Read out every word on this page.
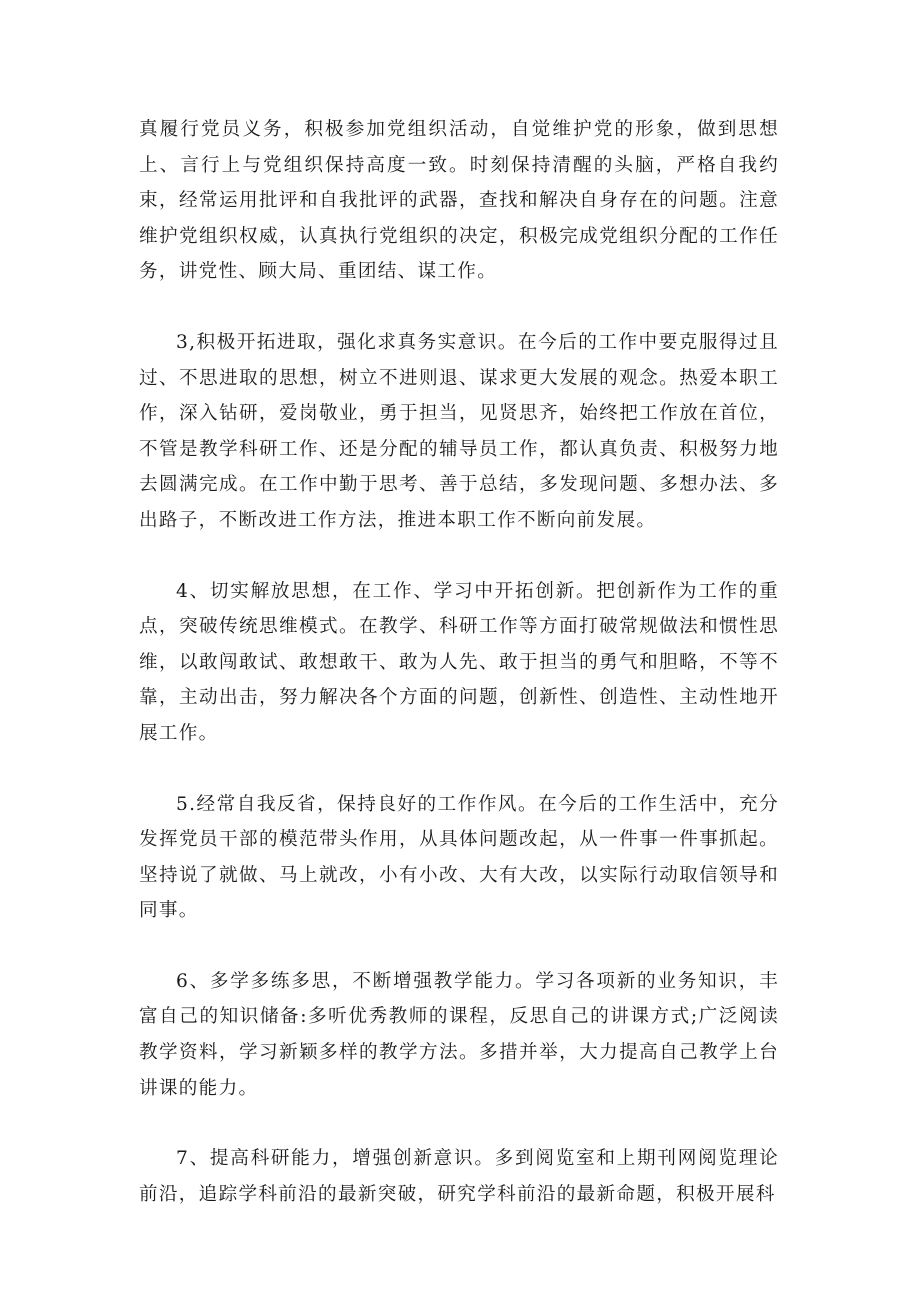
真履行党员义务，积极参加党组织活动，自觉维护党的形象，做到思想上、言行上与党组织保持高度一致。时刻保持清醒的头脑，严格自我约束，经常运用批评和自我批评的武器，查找和解决自身存在的问题。注意维护党组织权威，认真执行党组织的决定，积极完成党组织分配的工作任务，讲党性、顾大局、重团结、谋工作。

3,积极开拓进取，强化求真务实意识。在今后的工作中要克服得过且过、不思进取的思想，树立不进则退、谋求更大发展的观念。热爱本职工作，深入钻研，爱岗敬业，勇于担当，见贤思齐，始终把工作放在首位，不管是教学科研工作、还是分配的辅导员工作，都认真负责、积极努力地去圆满完成。在工作中勤于思考、善于总结，多发现问题、多想办法、多出路子，不断改进工作方法，推进本职工作不断向前发展。

4、切实解放思想，在工作、学习中开拓创新。把创新作为工作的重点，突破传统思维模式。在教学、科研工作等方面打破常规做法和惯性思维，以敢闯敢试、敢想敢干、敢为人先、敢于担当的勇气和胆略，不等不靠，主动出击，努力解决各个方面的问题，创新性、创造性、主动性地开展工作。

5.经常自我反省，保持良好的工作作风。在今后的工作生活中，充分发挥党员干部的模范带头作用，从具体问题改起，从一件事一件事抓起。坚持说了就做、马上就改，小有小改、大有大改，以实际行动取信领导和同事。

6、多学多练多思，不断增强教学能力。学习各项新的业务知识，丰富自己的知识储备:多听优秀教师的课程，反思自己的讲课方式;广泛阅读教学资料，学习新颖多样的教学方法。多措并举，大力提高自己教学上台讲课的能力。

7、提高科研能力，增强创新意识。多到阅览室和上期刊网阅览理论前沿，追踪学科前沿的最新突破，研究学科前沿的最新命题，积极开展科
